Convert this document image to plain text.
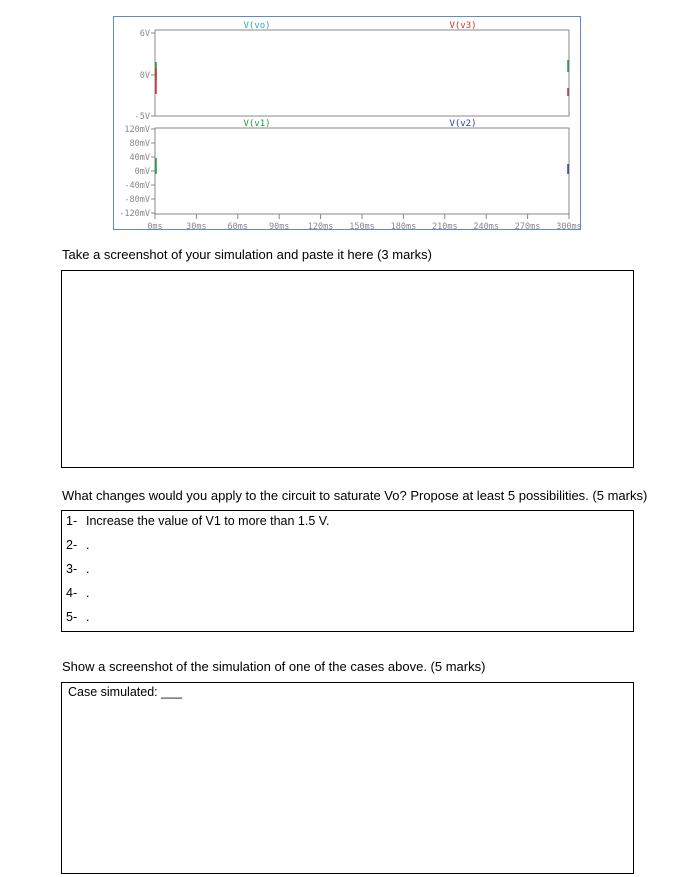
6V
0V
-5V
120mV
80mV
40mV
0mV
-40mV
-80mV
-120mV
0ms	30ms 60ms 90ms 120ms 150ms 180ms 210ms 240ms 270ms 300ms
V(vo)	V(v3)
V(v1)	V(v2)
Take a screenshot of your simulation and paste it here (3 marks)
What changes would you apply to the circuit to saturate Vo? Propose at least 5 possibilities. (5 marks)
1- Increase the value of V1 to more than 1.5 V.
2- .
3- .
4- .
5- .
Show a screenshot of the simulation of one of the cases above. (5 marks)
Case simulated: ___
